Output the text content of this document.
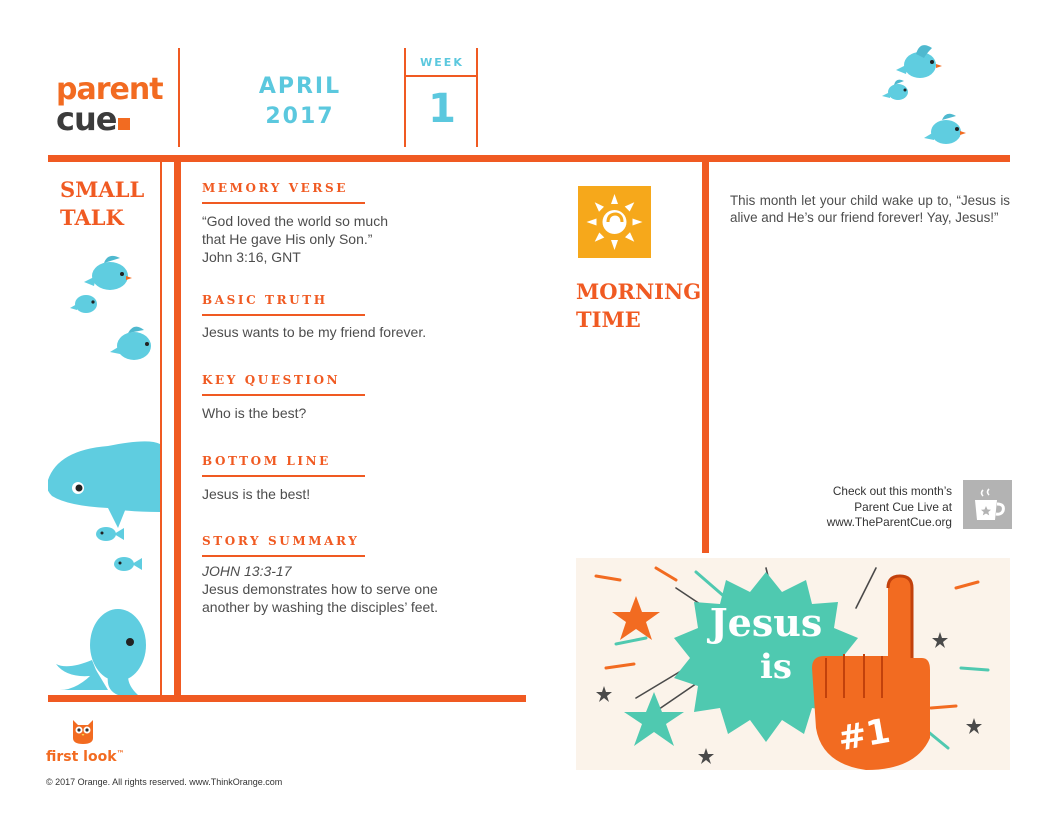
parent
cue
APRIL
2017
WEEK
1
SMALL
TALK
MEMORY VERSE
“God loved the world so much
that He gave His only Son.”
John 3:16, GNT
BASIC TRUTH
Jesus wants to be my friend forever.
KEY QUESTION
Who is the best?
BOTTOM LINE
Jesus is the best!
STORY SUMMARY
JOHN 13:3-17
Jesus demonstrates how to serve one
another by washing the disciples’ feet.
MORNING
TIME
This month let your child wake up to, “Jesus is alive and He’s our friend forever! Yay, Jesus!”
Check out this month’s
Parent Cue Live at
www.TheParentCue.org
Jesus
is
#1
first look™
© 2017 Orange. All rights reserved. www.ThinkOrange.com
